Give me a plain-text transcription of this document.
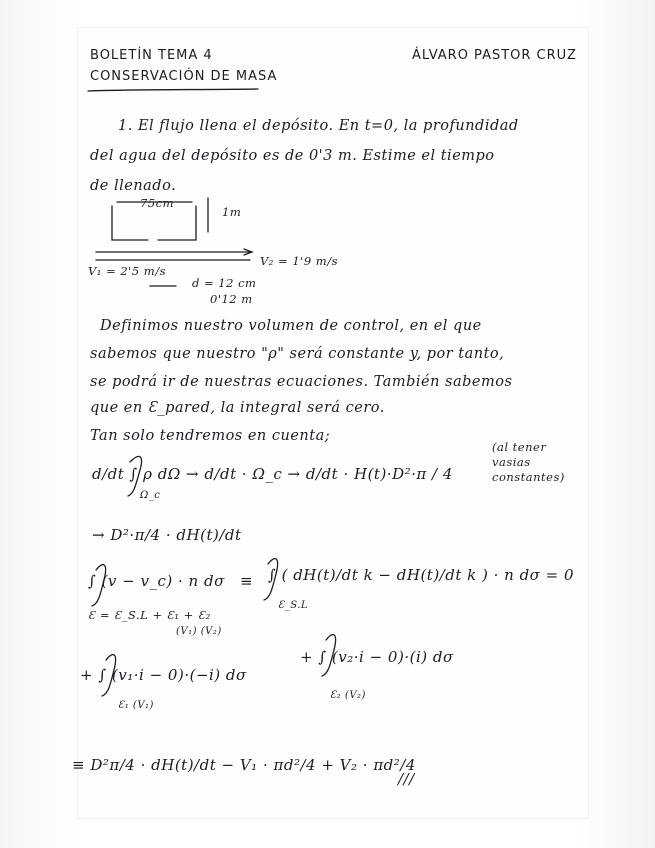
BOLETÍN TEMA 4
CONSERVACIÓN DE MASA
ÁLVARO PASTOR CRUZ
1. El flujo llena el depósito. En t=0, la profundidad
del agua del depósito es de 0'3 m. Estime el tiempo
de llenado.
75cm
1m
V₁ = 2'5 m/s
V₂ = 1'9 m/s
d = 12 cm
0'12 m
Definimos nuestro volumen de control, en el que
sabemos que nuestro "ρ" será constante y, por tanto,
se podrá ir de nuestras ecuaciones. También sabemos
que en Ɛ_pared, la integral será cero.
Tan solo tendremos en cuenta;
d/dt ∫ ρ dΩ → d/dt · Ω_c → d/dt · H(t)·D²·π / 4
Ω_c
(al tener vasias constantes)
→ D²·π/4 · dH(t)/dt
∫ (v − v_c) · n dσ ≡ ∫ ( dH(t)/dt k − dH(t)/dt k ) · n dσ = 0
Ɛ_S.L
Ɛ = Ɛ_S.L + Ɛ₁ + Ɛ₂
(V₁) (V₂)
+ ∫ (v₁·i − 0)·(−i) dσ
Ɛ₁ (V₁)
+ ∫ (v₂·i − 0)·(i) dσ
Ɛ₂ (V₂)
≡ D²π/4 · dH(t)/dt − V₁ · πd²/4 + V₂ · πd²/4
///
